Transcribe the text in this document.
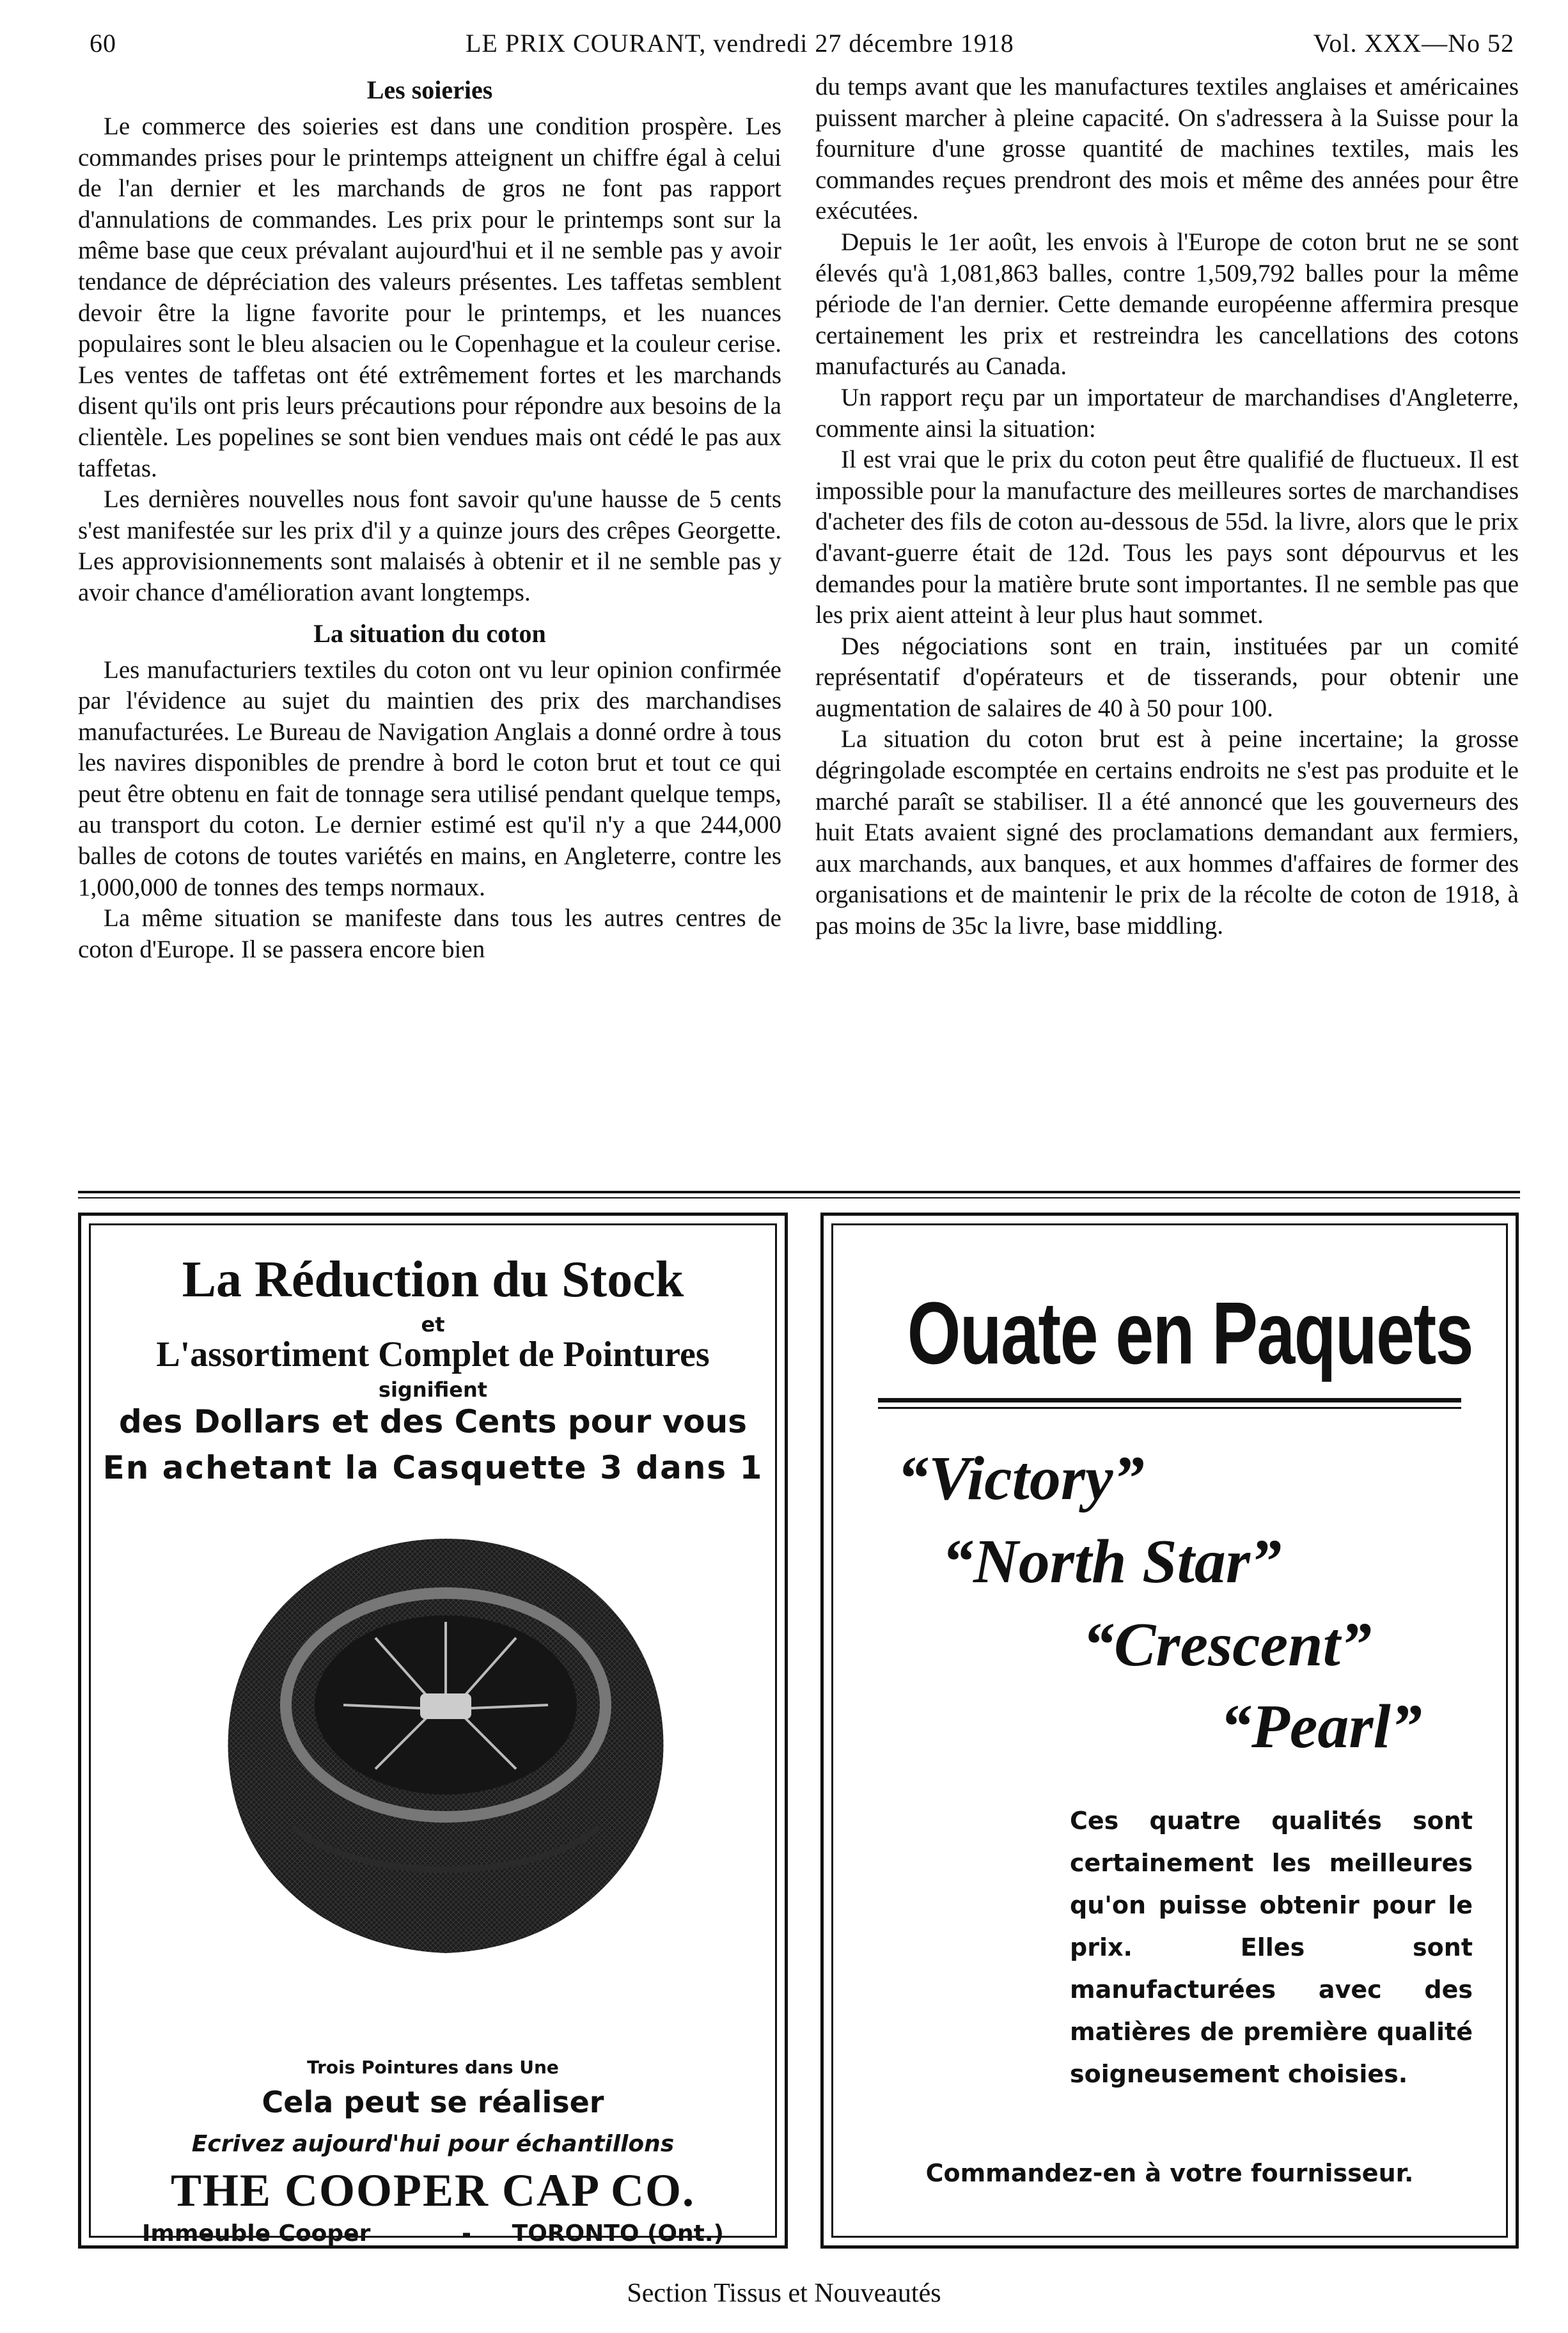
60	LE PRIX COURANT, vendredi 27 décembre 1918	Vol. XXX—No 52
Les soieries

Le commerce des soieries est dans une condition prospère. Les commandes prises pour le printemps atteignent un chiffre égal à celui de l'an dernier et les marchands de gros ne font pas rapport d'annulations de commandes. Les prix pour le printemps sont sur la même base que ceux prévalant aujourd'hui et il ne semble pas y avoir tendance de dépréciation des valeurs présentes. Les taffetas semblent devoir être la ligne favorite pour le printemps, et les nuances populaires sont le bleu alsacien ou le Copenhague et la couleur cerise. Les ventes de taffetas ont été extrêmement fortes et les marchands disent qu'ils ont pris leurs précautions pour répondre aux besoins de la clientèle. Les popelines se sont bien vendues mais ont cédé le pas aux taffetas.

Les dernières nouvelles nous font savoir qu'une hausse de 5 cents s'est manifestée sur les prix d'il y a quinze jours des crêpes Georgette. Les approvisionnements sont malaisés à obtenir et il ne semble pas y avoir chance d'amélioration avant longtemps.

La situation du coton

Les manufacturiers textiles du coton ont vu leur opinion confirmée par l'évidence au sujet du maintien des prix des marchandises manufacturées. Le Bureau de Navigation Anglais a donné ordre à tous les navires disponibles de prendre à bord le coton brut et tout ce qui peut être obtenu en fait de tonnage sera utilisé pendant quelque temps, au transport du coton. Le dernier estimé est qu'il n'y a que 244,000 balles de cotons de toutes variétés en mains, en Angleterre, contre les 1,000,000 de tonnes des temps normaux.

La même situation se manifeste dans tous les autres centres de coton d'Europe. Il se passera encore bien

du temps avant que les manufactures textiles anglaises et américaines puissent marcher à pleine capacité. On s'adressera à la Suisse pour la fourniture d'une grosse quantité de machines textiles, mais les commandes reçues prendront des mois et même des années pour être exécutées.

Depuis le 1er août, les envois à l'Europe de coton brut ne se sont élevés qu'à 1,081,863 balles, contre 1,509,792 balles pour la même période de l'an dernier. Cette demande européenne affermira presque certainement les prix et restreindra les cancellations des cotons manufacturés au Canada.

Un rapport reçu par un importateur de marchandises d'Angleterre, commente ainsi la situation:

Il est vrai que le prix du coton peut être qualifié de fluctueux. Il est impossible pour la manufacture des meilleures sortes de marchandises d'acheter des fils de coton au-dessous de 55d. la livre, alors que le prix d'avant-guerre était de 12d. Tous les pays sont dépourvus et les demandes pour la matière brute sont importantes. Il ne semble pas que les prix aient atteint à leur plus haut sommet.

Des négociations sont en train, instituées par un comité représentatif d'opérateurs et de tisserands, pour obtenir une augmentation de salaires de 40 à 50 pour 100.

La situation du coton brut est à peine incertaine; la grosse dégringolade escomptée en certains endroits ne s'est pas produite et le marché paraît se stabiliser. Il a été annoncé que les gouverneurs des huit Etats avaient signé des proclamations demandant aux fermiers, aux marchands, aux banques, et aux hommes d'affaires de former des organisations et de maintenir le prix de la récolte de coton de 1918, à pas moins de 35c la livre, base middling.

La Réduction du Stock
et
L'assortiment Complet de Pointures
signifient
des Dollars et des Cents pour vous
En achetant la Casquette 3 dans 1
Trois Pointures dans Une
Cela peut se réaliser
Ecrivez aujourd'hui pour échantillons
THE COOPER CAP CO.
Immeuble Cooper	- TORONTO (Ont.)
Ouate en Paquets
“Victory”
“North Star”
“Crescent”
“Pearl”

Ces quatre qualités sont certainement les meilleures qu'on puisse obtenir pour le prix. Elles sont manufacturées avec des matières de première qualité soigneusement choisies.

Commandez-en à votre fournisseur.
Section Tissus et Nouveautés
